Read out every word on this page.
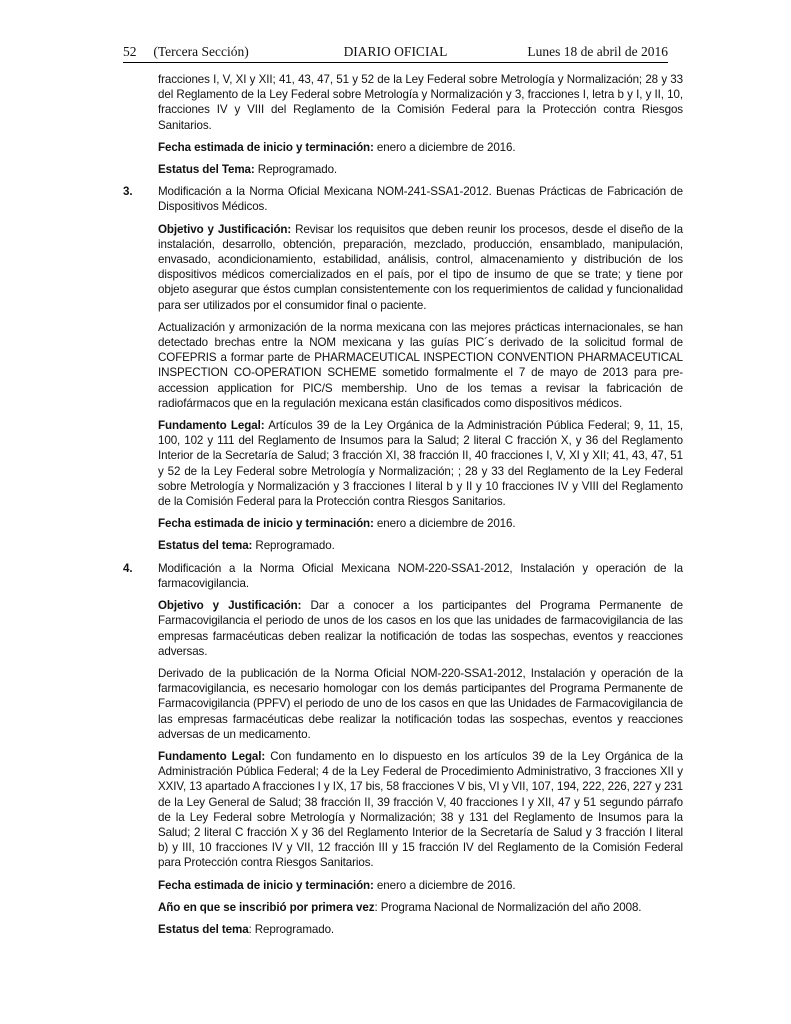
52     (Tercera Sección)	DIARIO OFICIAL	Lunes 18 de abril de 2016

fracciones I, V, XI y XII; 41, 43, 47, 51 y 52 de la Ley Federal sobre Metrología y Normalización; 28 y 33 del Reglamento de la Ley Federal sobre Metrología y Normalización y 3, fracciones I, letra b y I, y II, 10, fracciones IV y VIII del Reglamento de la Comisión Federal para la Protección contra Riesgos Sanitarios.

Fecha estimada de inicio y terminación: enero a diciembre de 2016.

Estatus del Tema: Reprogramado.

3. Modificación a la Norma Oficial Mexicana NOM-241-SSA1-2012. Buenas Prácticas de Fabricación de Dispositivos Médicos.

Objetivo y Justificación: Revisar los requisitos que deben reunir los procesos, desde el diseño de la instalación, desarrollo, obtención, preparación, mezclado, producción, ensamblado, manipulación, envasado, acondicionamiento, estabilidad, análisis, control, almacenamiento y distribución de los dispositivos médicos comercializados en el país, por el tipo de insumo de que se trate; y tiene por objeto asegurar que éstos cumplan consistentemente con los requerimientos de calidad y funcionalidad para ser utilizados por el consumidor final o paciente.

Actualización y armonización de la norma mexicana con las mejores prácticas internacionales, se han detectado brechas entre la NOM mexicana y las guías PIC´s derivado de la solicitud formal de COFEPRIS a formar parte de PHARMACEUTICAL INSPECTION CONVENTION PHARMACEUTICAL INSPECTION CO-OPERATION SCHEME sometido formalmente el 7 de mayo de 2013 para pre-accession application for PIC/S membership. Uno de los temas a revisar la fabricación de radiofármacos que en la regulación mexicana están clasificados como dispositivos médicos.

Fundamento Legal: Artículos 39 de la Ley Orgánica de la Administración Pública Federal; 9, 11, 15, 100, 102 y 111 del Reglamento de Insumos para la Salud; 2 literal C fracción X, y 36 del Reglamento Interior de la Secretaría de Salud; 3 fracción XI, 38 fracción II, 40 fracciones I, V, XI y XII; 41, 43, 47, 51 y 52 de la Ley Federal sobre Metrología y Normalización; ; 28 y 33 del Reglamento de la Ley Federal sobre Metrología y Normalización y 3 fracciones I literal b y II y 10 fracciones IV y VIII del Reglamento de la Comisión Federal para la Protección contra Riesgos Sanitarios.

Fecha estimada de inicio y terminación: enero a diciembre de 2016.

Estatus del tema: Reprogramado.

4. Modificación a la Norma Oficial Mexicana NOM-220-SSA1-2012, Instalación y operación de la farmacovigilancia.

Objetivo y Justificación: Dar a conocer a los participantes del Programa Permanente de Farmacovigilancia el periodo de unos de los casos en los que las unidades de farmacovigilancia de las empresas farmacéuticas deben realizar la notificación de todas las sospechas, eventos y reacciones adversas.

Derivado de la publicación de la Norma Oficial NOM-220-SSA1-2012, Instalación y operación de la farmacovigilancia, es necesario homologar con los demás participantes del Programa Permanente de Farmacovigilancia (PPFV) el periodo de uno de los casos en que las Unidades de Farmacovigilancia de las empresas farmacéuticas debe realizar la notificación todas las sospechas, eventos y reacciones adversas de un medicamento.

Fundamento Legal: Con fundamento en lo dispuesto en los artículos 39 de la Ley Orgánica de la Administración Pública Federal; 4 de la Ley Federal de Procedimiento Administrativo, 3 fracciones XII y XXIV, 13 apartado A fracciones I y IX, 17 bis, 58 fracciones V bis, VI y VII, 107, 194, 222, 226, 227 y 231 de la Ley General de Salud; 38 fracción II, 39 fracción V, 40 fracciones I y XII, 47 y 51 segundo párrafo de la Ley Federal sobre Metrología y Normalización; 38 y 131 del Reglamento de Insumos para la Salud; 2 literal C fracción X y 36 del Reglamento Interior de la Secretaría de Salud y 3 fracción I literal b) y III, 10 fracciones IV y VII, 12 fracción III y 15 fracción IV del Reglamento de la Comisión Federal para Protección contra Riesgos Sanitarios.

Fecha estimada de inicio y terminación: enero a diciembre de 2016.

Año en que se inscribió por primera vez: Programa Nacional de Normalización del año 2008.

Estatus del tema: Reprogramado.
